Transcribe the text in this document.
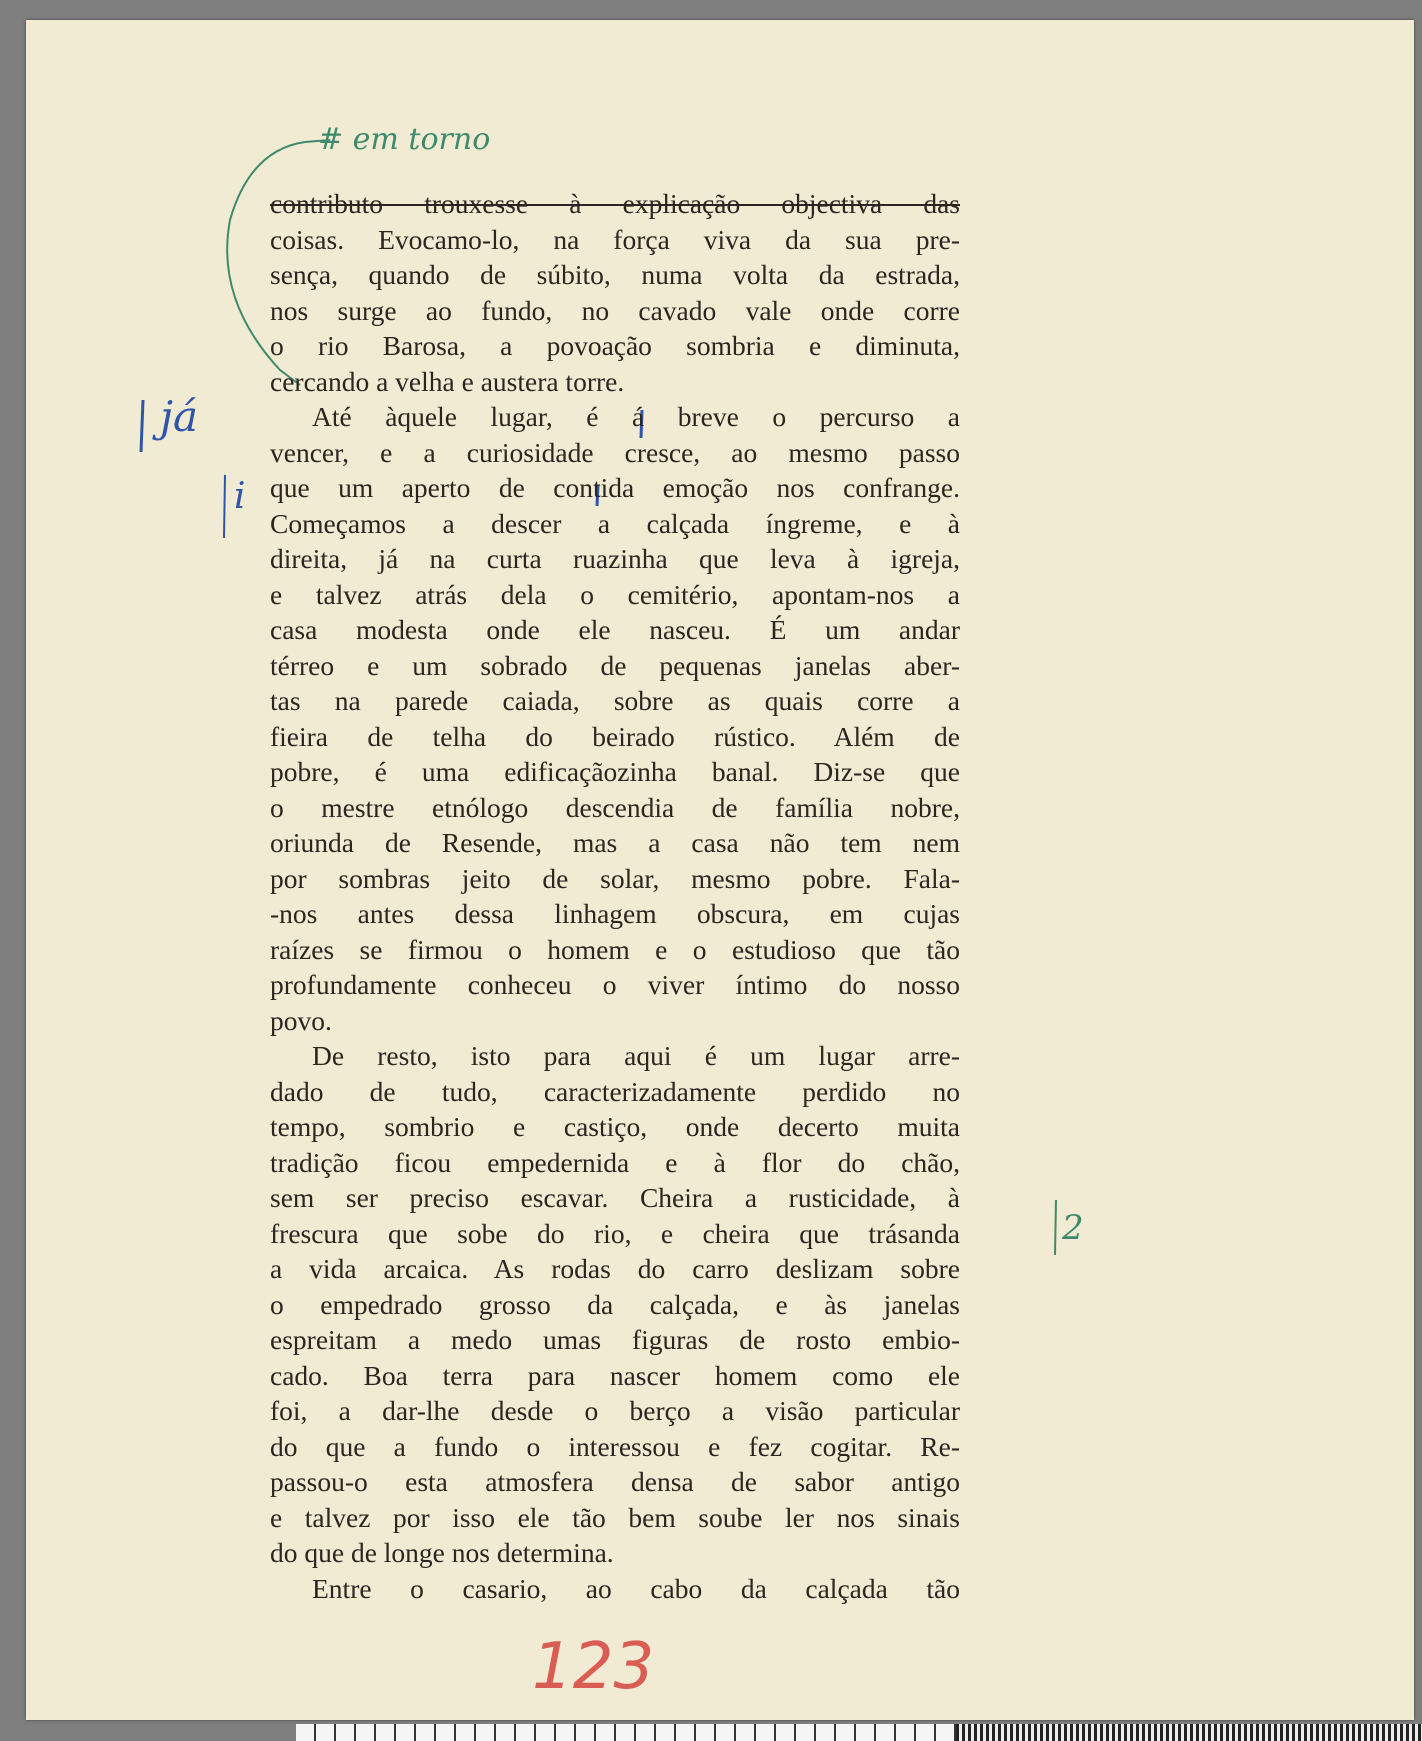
# em torno
já
i
2
contributo trouxesse à explicação objectiva das
coisas. Evocamo-lo, na força viva da sua pre-
sença, quando de súbito, numa volta da estrada,
nos surge ao fundo, no cavado vale onde corre
o rio Barosa, a povoação sombria e diminuta,
cercando a velha e austera torre.
Até àquele lugar, é á breve o percurso a
vencer, e a curiosidade cresce, ao mesmo passo
que um aperto de contida emoção nos confrange.
Começamos a descer a calçada íngreme, e à
direita, já na curta ruazinha que leva à igreja,
e talvez atrás dela o cemitério, apontam-nos a
casa modesta onde ele nasceu. É um andar
térreo e um sobrado de pequenas janelas aber-
tas na parede caiada, sobre as quais corre a
fieira de telha do beirado rústico. Além de
pobre, é uma edificaçãozinha banal. Diz-se que
o mestre etnólogo descendia de família nobre,
oriunda de Resende, mas a casa não tem nem
por sombras jeito de solar, mesmo pobre. Fala-
-nos antes dessa linhagem obscura, em cujas
raízes se firmou o homem e o estudioso que tão
profundamente conheceu o viver íntimo do nosso
povo.
De resto, isto para aqui é um lugar arre-
dado de tudo, caracterizadamente perdido no
tempo, sombrio e castiço, onde decerto muita
tradição ficou empedernida e à flor do chão,
sem ser preciso escavar. Cheira a rusticidade, à
frescura que sobe do rio, e cheira que trásanda
a vida arcaica. As rodas do carro deslizam sobre
o empedrado grosso da calçada, e às janelas
espreitam a medo umas figuras de rosto embio-
cado. Boa terra para nascer homem como ele
foi, a dar-lhe desde o berço a visão particular
do que a fundo o interessou e fez cogitar. Re-
passou-o esta atmosfera densa de sabor antigo
e talvez por isso ele tão bem soube ler nos sinais
do que de longe nos determina.
Entre o casario, ao cabo da calçada tão
123
